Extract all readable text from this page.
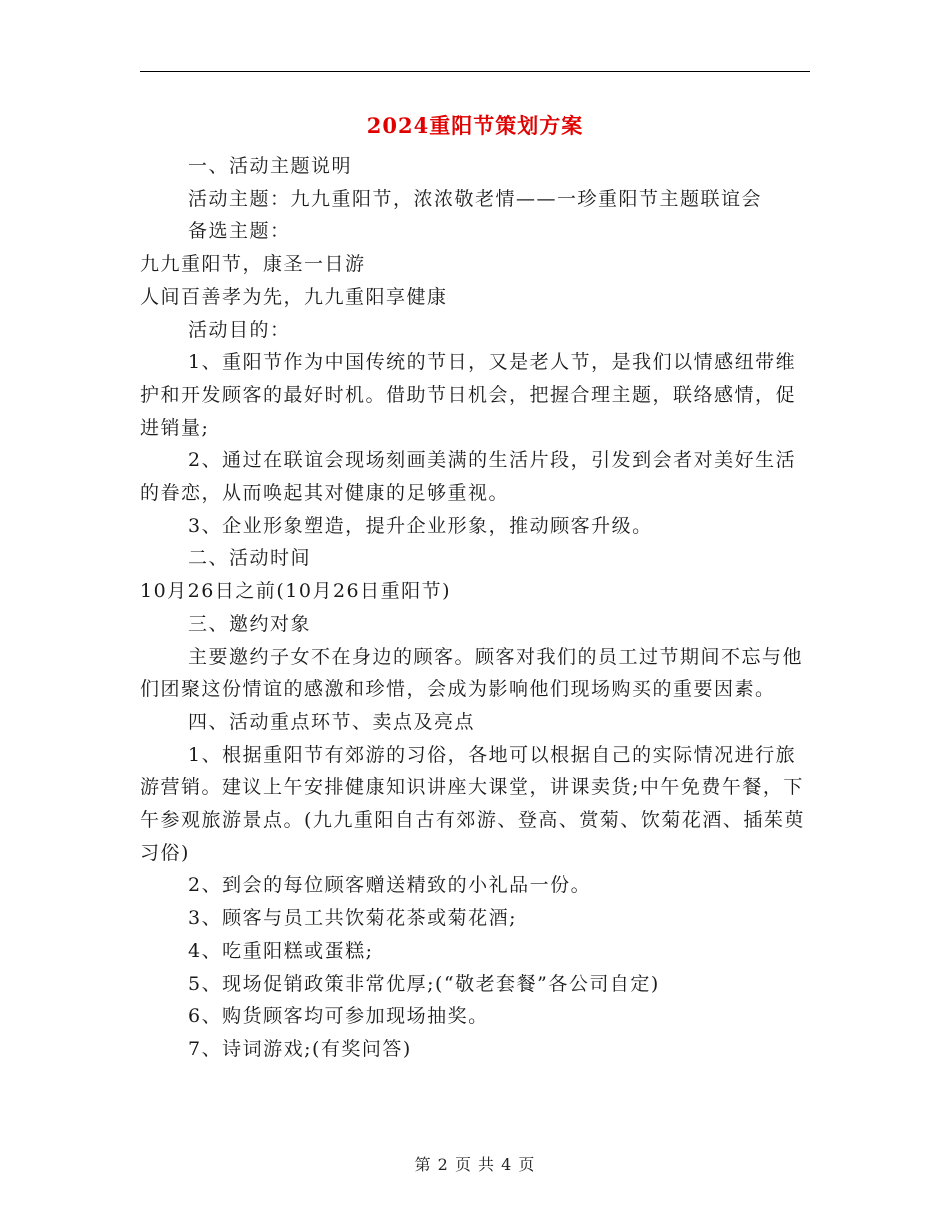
2024重阳节策划方案

一、活动主题说明

活动主题：九九重阳节，浓浓敬老情——一珍重阳节主题联谊会

备选主题：

九九重阳节，康圣一日游

人间百善孝为先，九九重阳享健康

活动目的：

1、重阳节作为中国传统的节日，又是老人节，是我们以情感纽带维护和开发顾客的最好时机。借助节日机会，把握合理主题，联络感情，促进销量;

2、通过在联谊会现场刻画美满的生活片段，引发到会者对美好生活的眷恋，从而唤起其对健康的足够重视。

3、企业形象塑造，提升企业形象，推动顾客升级。

二、活动时间

10月26日之前(10月26日重阳节)

三、邀约对象

主要邀约子女不在身边的顾客。顾客对我们的员工过节期间不忘与他们团聚这份情谊的感激和珍惜，会成为影响他们现场购买的重要因素。

四、活动重点环节、卖点及亮点

1、根据重阳节有郊游的习俗，各地可以根据自己的实际情况进行旅游营销。建议上午安排健康知识讲座大课堂，讲课卖货;中午免费午餐，下午参观旅游景点。(九九重阳自古有郊游、登高、赏菊、饮菊花酒、插茱萸习俗)

2、到会的每位顾客赠送精致的小礼品一份。

3、顾客与员工共饮菊花茶或菊花酒;

4、吃重阳糕或蛋糕;

5、现场促销政策非常优厚;(“敬老套餐”各公司自定)

6、购货顾客均可参加现场抽奖。

7、诗词游戏;(有奖问答)

第 2 页 共 4 页
